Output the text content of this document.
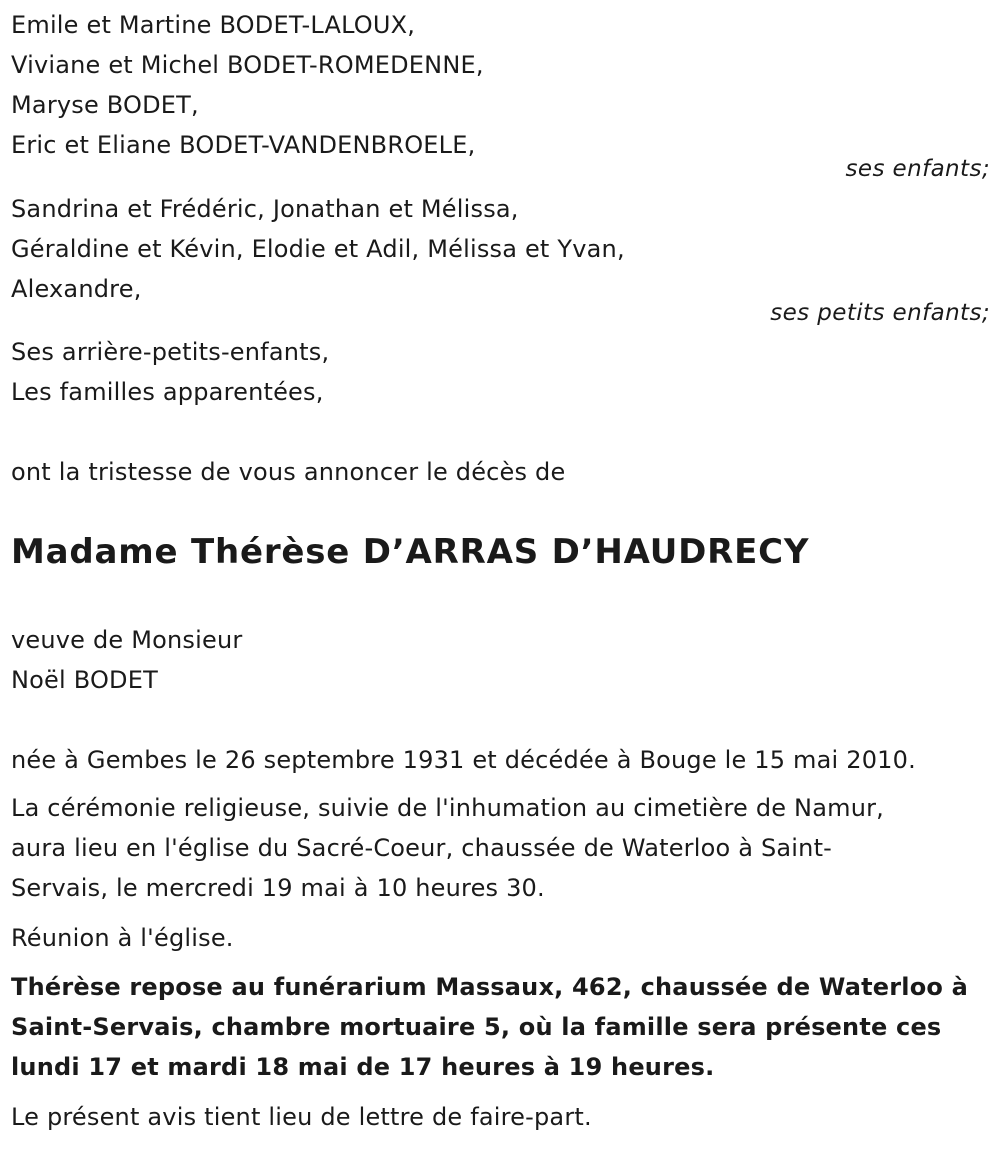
Emile et Martine BODET-LALOUX,
Viviane et Michel BODET-ROMEDENNE,
Maryse BODET,
Eric et Eliane BODET-VANDENBROELE,
ses enfants;
Sandrina et Frédéric, Jonathan et Mélissa,
Géraldine et Kévin, Elodie et Adil, Mélissa et Yvan,
Alexandre,
ses petits enfants;
Ses arrière-petits-enfants,
Les familles apparentées,
ont la tristesse de vous annoncer le décès de
Madame Thérèse D’ARRAS D’HAUDRECY
veuve de Monsieur
Noël BODET
née à Gembes le 26 septembre 1931 et décédée à Bouge le 15 mai 2010.
La cérémonie religieuse, suivie de l'inhumation au cimetière de Namur,
aura lieu en l'église du Sacré-Coeur, chaussée de Waterloo à Saint-
Servais, le mercredi 19 mai à 10 heures 30.
Réunion à l'église.
Thérèse repose au funérarium Massaux, 462, chaussée de Waterloo à
Saint-Servais, chambre mortuaire 5, où la famille sera présente ces
lundi 17 et mardi 18 mai de 17 heures à 19 heures.
Le présent avis tient lieu de lettre de faire-part.
